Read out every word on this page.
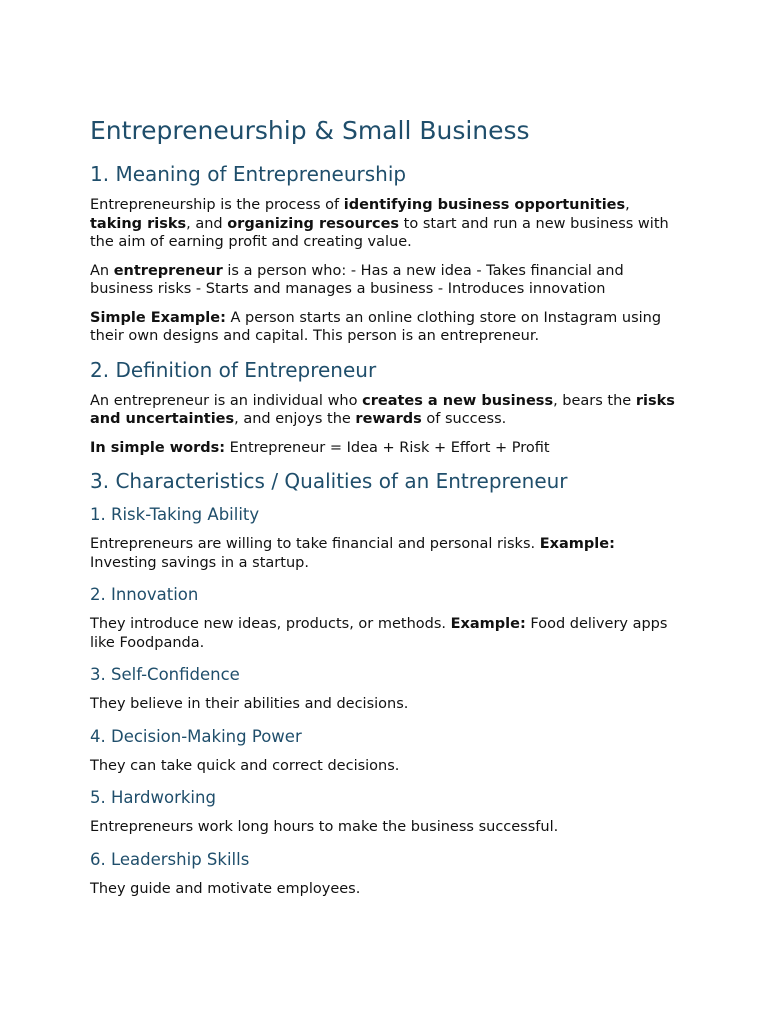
Entrepreneurship & Small Business
1. Meaning of Entrepreneurship

Entrepreneurship is the process of identifying business opportunities, taking risks, and organizing resources to start and run a new business with the aim of earning profit and creating value.

An entrepreneur is a person who: - Has a new idea - Takes financial and business risks - Starts and manages a business - Introduces innovation

Simple Example: A person starts an online clothing store on Instagram using their own designs and capital. This person is an entrepreneur.

2. Definition of Entrepreneur

An entrepreneur is an individual who creates a new business, bears the risks and uncertainties, and enjoys the rewards of success.

In simple words: Entrepreneur = Idea + Risk + Effort + Profit

3. Characteristics / Qualities of an Entrepreneur
1. Risk-Taking Ability

Entrepreneurs are willing to take financial and personal risks. Example: Investing savings in a startup.

2. Innovation

They introduce new ideas, products, or methods. Example: Food delivery apps like Foodpanda.

3. Self-Confidence

They believe in their abilities and decisions.

4. Decision-Making Power

They can take quick and correct decisions.

5. Hardworking

Entrepreneurs work long hours to make the business successful.

6. Leadership Skills

They guide and motivate employees.
